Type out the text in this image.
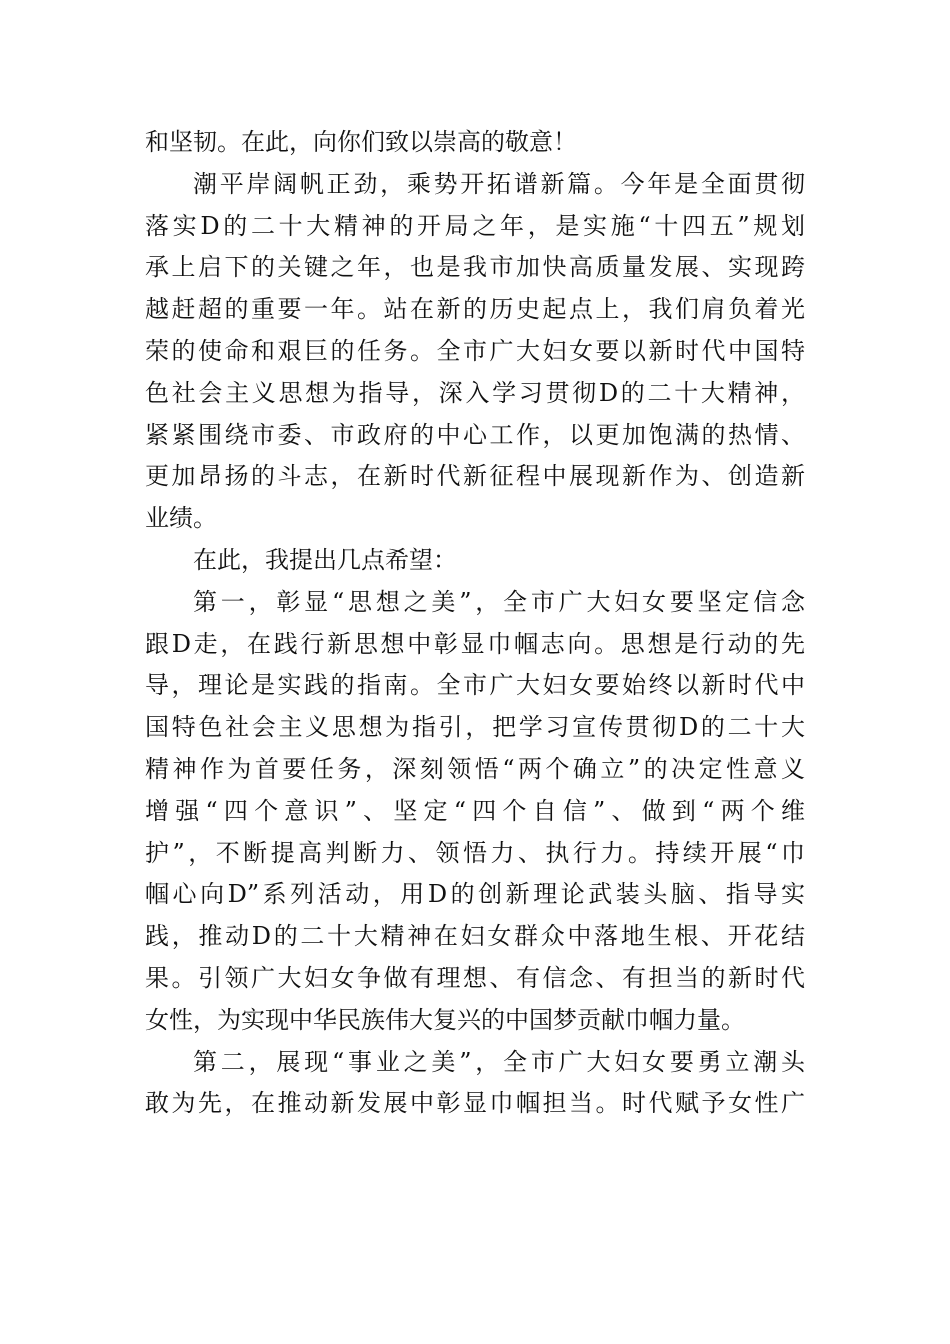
和坚韧。在此，向你们致以崇高的敬意！
潮平岸阔帆正劲，乘势开拓谱新篇。今年是全面贯彻
落实D的二十大精神的开局之年，是实施“十四五”规划
承上启下的关键之年，也是我市加快高质量发展、实现跨
越赶超的重要一年。站在新的历史起点上，我们肩负着光
荣的使命和艰巨的任务。全市广大妇女要以新时代中国特
色社会主义思想为指导，深入学习贯彻D的二十大精神，
紧紧围绕市委、市政府的中心工作，以更加饱满的热情、
更加昂扬的斗志，在新时代新征程中展现新作为、创造新
业绩。
在此，我提出几点希望：
第一，彰显“思想之美”，全市广大妇女要坚定信念
跟D走，在践行新思想中彰显巾帼志向。思想是行动的先
导，理论是实践的指南。全市广大妇女要始终以新时代中
国特色社会主义思想为指引，把学习宣传贯彻D的二十大
精神作为首要任务，深刻领悟“两个确立”的决定性意义
增强“四个意识”、坚定“四个自信”、做到“两个维
护”，不断提高判断力、领悟力、执行力。持续开展“巾
帼心向D”系列活动，用D的创新理论武装头脑、指导实
践，推动D的二十大精神在妇女群众中落地生根、开花结
果。引领广大妇女争做有理想、有信念、有担当的新时代
女性，为实现中华民族伟大复兴的中国梦贡献巾帼力量。
第二，展现“事业之美”，全市广大妇女要勇立潮头
敢为先，在推动新发展中彰显巾帼担当。时代赋予女性广
